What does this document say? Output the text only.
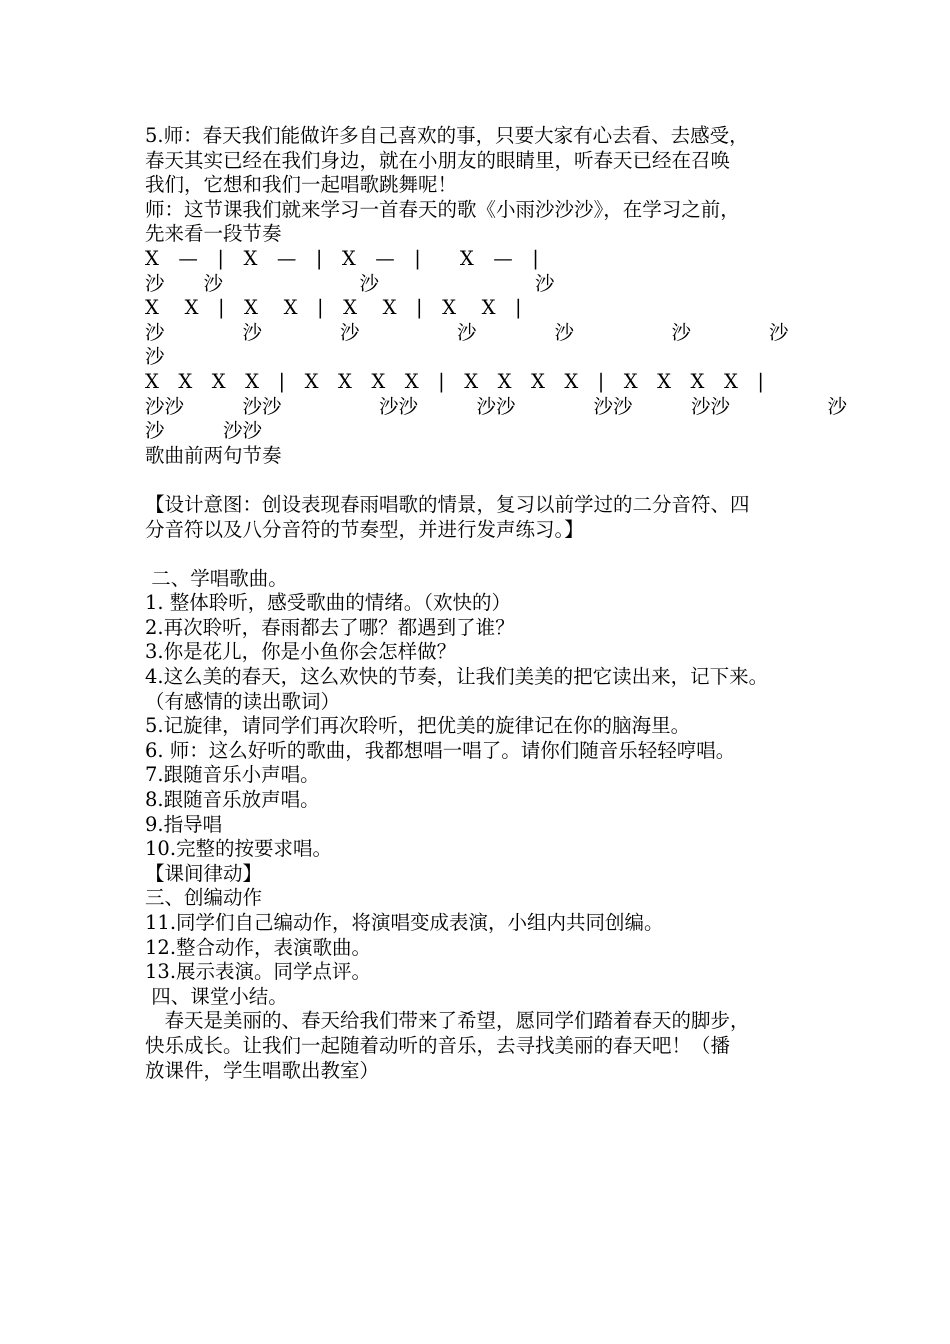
5.师：春天我们能做许多自己喜欢的事，只要大家有心去看、去感受，
春天其实已经在我们身边，就在小朋友的眼睛里，听春天已经在召唤
我们，它想和我们一起唱歌跳舞呢！
师：这节课我们就来学习一首春天的歌《小雨沙沙沙》，在学习之前，
先来看一段节奏
X　—　|　X　—　|　X　—　|　　X　—　|
沙　　沙　　　　　　　沙　　　　　　　　沙
X　 X　|　X　 X　|　X　 X　|　X　 X　|
沙　　　　沙　　　　沙　　　　　沙　　　　沙　　　　　沙　　　　沙
沙
X　X　X　X　|　X　X　X　X　|　X　X　X　X　|　X　X　X　X　|
沙沙　　　沙沙　　　　　沙沙　　　沙沙　　　　沙沙　　　沙沙　　　　　沙
沙　　　沙沙
歌曲前两句节奏
【设计意图：创设表现春雨唱歌的情景，复习以前学过的二分音符、四
分音符以及八分音符的节奏型，并进行发声练习。】
二、学唱歌曲。
1. 整体聆听，感受歌曲的情绪。（欢快的）
2.再次聆听，春雨都去了哪？都遇到了谁？
3.你是花儿，你是小鱼你会怎样做？
4.这么美的春天，这么欢快的节奏，让我们美美的把它读出来，记下来。
（有感情的读出歌词）
5.记旋律，请同学们再次聆听，把优美的旋律记在你的脑海里。
6. 师：这么好听的歌曲，我都想唱一唱了。请你们随音乐轻轻哼唱。
7.跟随音乐小声唱。
8.跟随音乐放声唱。
9.指导唱
10.完整的按要求唱。
【课间律动】
三、创编动作
11.同学们自己编动作，将演唱变成表演，小组内共同创编。
12.整合动作，表演歌曲。
13.展示表演。同学点评。
四、课堂小结。
　春天是美丽的、春天给我们带来了希望，愿同学们踏着春天的脚步，
快乐成长。让我们一起随着动听的音乐，去寻找美丽的春天吧！（播
放课件，学生唱歌出教室）
